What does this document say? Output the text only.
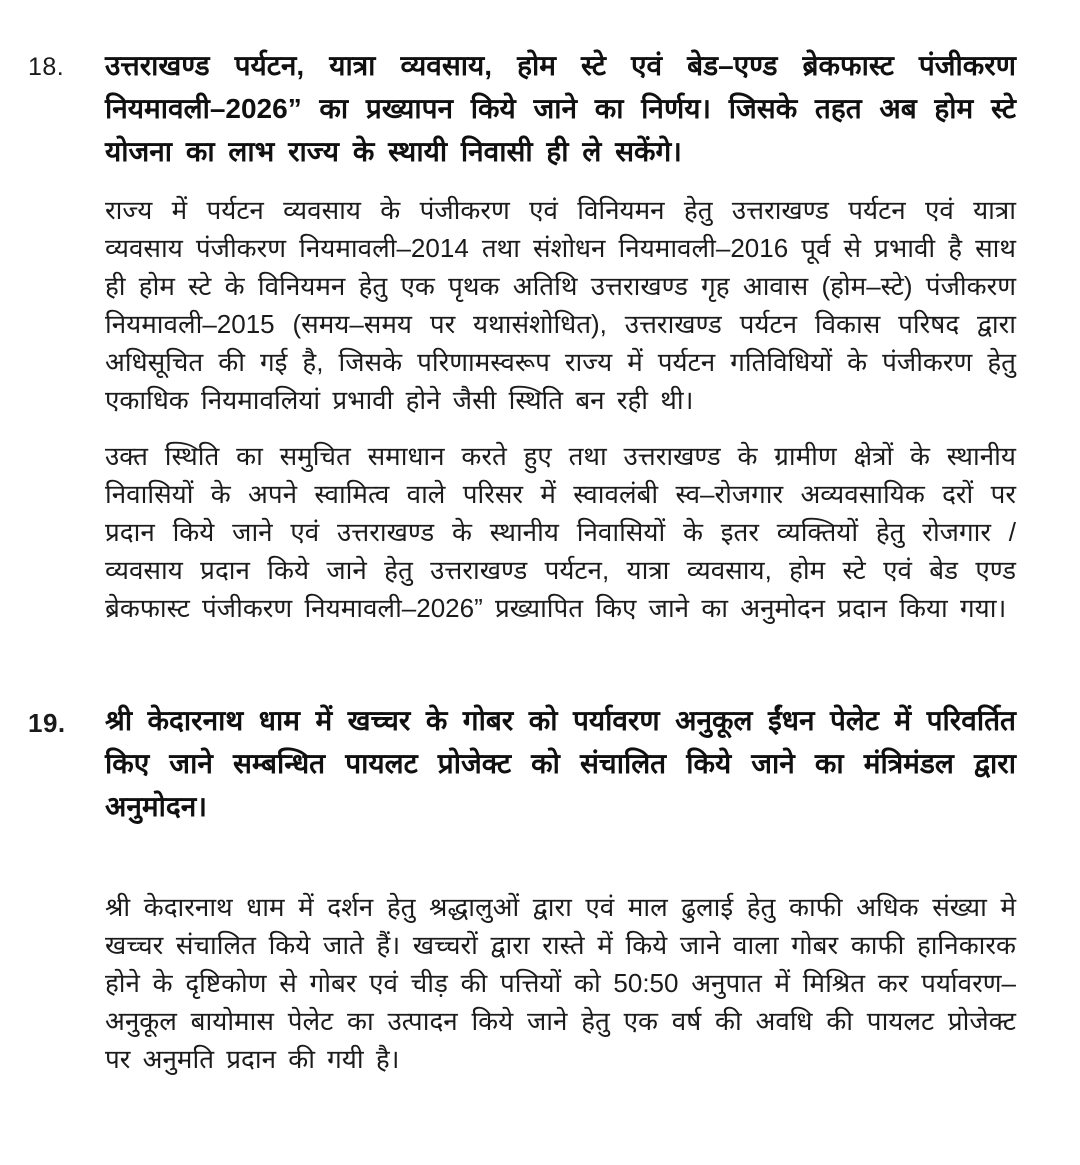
18. उत्तराखण्ड पर्यटन, यात्रा व्यवसाय, होम स्टे एवं बेड–एण्ड ब्रेकफास्ट पंजीकरण नियमावली–2026” का प्रख्यापन किये जाने का निर्णय। जिसके तहत अब होम स्टे योजना का लाभ राज्य के स्थायी निवासी ही ले सकेंगे।
राज्य में पर्यटन व्यवसाय के पंजीकरण एवं विनियमन हेतु उत्तराखण्ड पर्यटन एवं यात्रा व्यवसाय पंजीकरण नियमावली–2014 तथा संशोधन नियमावली–2016 पूर्व से प्रभावी है साथ ही होम स्टे के विनियमन हेतु एक पृथक अतिथि उत्तराखण्ड गृह आवास (होम–स्टे) पंजीकरण नियमावली–2015 (समय–समय पर यथासंशोधित), उत्तराखण्ड पर्यटन विकास परिषद द्वारा अधिसूचित की गई है, जिसके परिणामस्वरूप राज्य में पर्यटन गतिविधियों के पंजीकरण हेतु एकाधिक नियमावलियां प्रभावी होने जैसी स्थिति बन रही थी।
उक्त स्थिति का समुचित समाधान करते हुए तथा उत्तराखण्ड के ग्रामीण क्षेत्रों के स्थानीय निवासियों के अपने स्वामित्व वाले परिसर में स्वावलंबी स्व–रोजगार अव्यवसायिक दरों पर प्रदान किये जाने एवं उत्तराखण्ड के स्थानीय निवासियों के इतर व्यक्तियों हेतु रोजगार / व्यवसाय प्रदान किये जाने हेतु उत्तराखण्ड पर्यटन, यात्रा व्यवसाय, होम स्टे एवं बेड एण्ड ब्रेकफास्ट पंजीकरण नियमावली–2026” प्रख्यापित किए जाने का अनुमोदन प्रदान किया गया।
19. श्री केदारनाथ धाम में खच्चर के गोबर को पर्यावरण अनुकूल ईंधन पेलेट में परिवर्तित किए जाने सम्बन्धित पायलट प्रोजेक्ट को संचालित किये जाने का मंत्रिमंडल द्वारा अनुमोदन।
श्री केदारनाथ धाम में दर्शन हेतु श्रद्धालुओं द्वारा एवं माल ढुलाई हेतु काफी अधिक संख्या मे खच्चर संचालित किये जाते हैं। खच्चरों द्वारा रास्ते में किये जाने वाला गोबर काफी हानिकारक होने के दृष्टिकोण से गोबर एवं चीड़ की पत्तियों को 50:50 अनुपात में मिश्रित कर पर्यावरण–अनुकूल बायोमास पेलेट का उत्पादन किये जाने हेतु एक वर्ष की अवधि की पायलट प्रोजेक्ट पर अनुमति प्रदान की गयी है।
